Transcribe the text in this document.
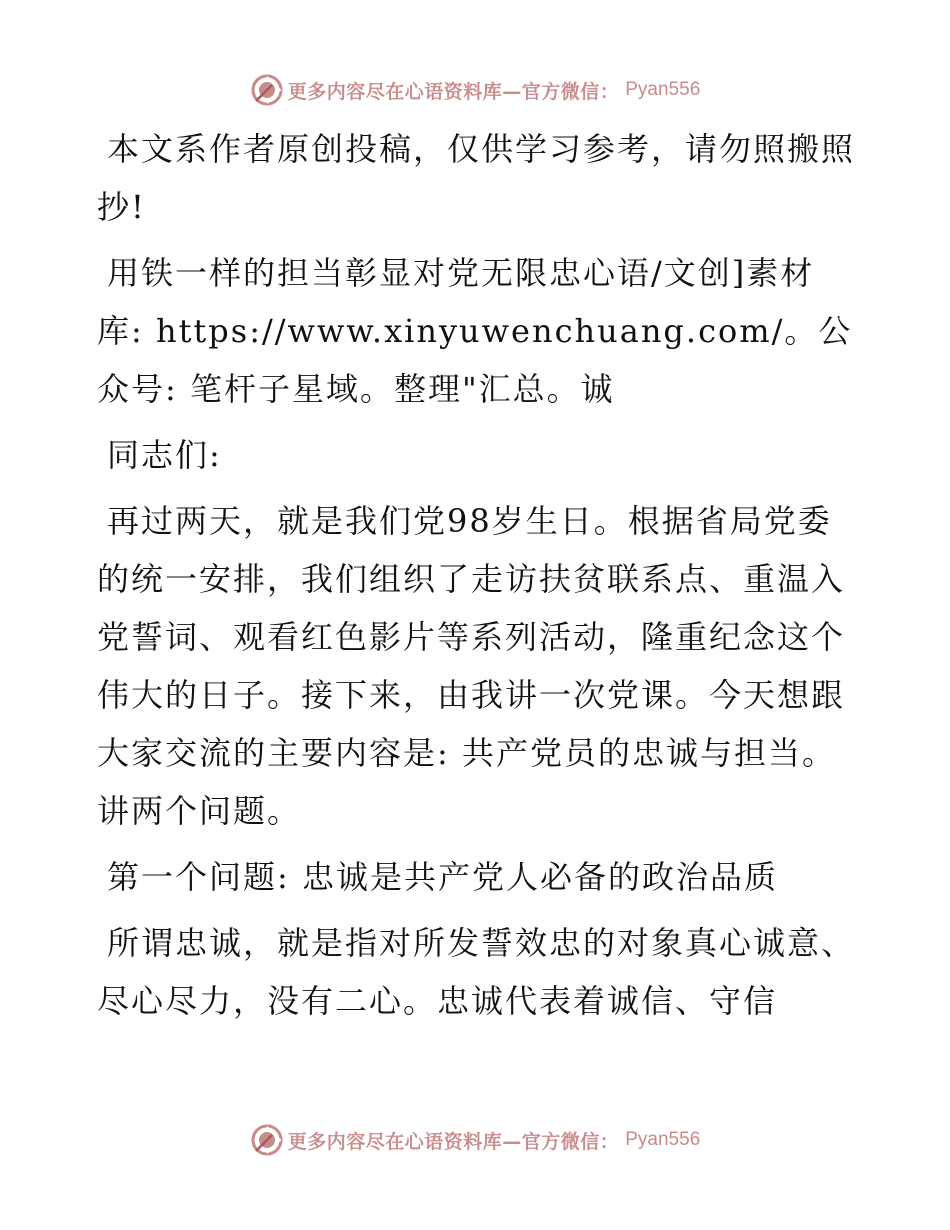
更多内容尽在心语资料库—官方微信： Pyan556

本文系作者原创投稿，仅供学习参考，请勿照搬照抄!

用铁一样的担当彰显对党无限忠心语/文创]素材库: https://www.xinyuwenchuang.com/。公众号: 笔杆子星域。整理"汇总。诚

同志们:

再过两天，就是我们党98岁生日。根据省局党委的统一安排，我们组织了走访扶贫联系点、重温入党誓词、观看红色影片等系列活动，隆重纪念这个伟大的日子。接下来，由我讲一次党课。今天想跟大家交流的主要内容是: 共产党员的忠诚与担当。讲两个问题。

第一个问题: 忠诚是共产党人必备的政治品质

所谓忠诚，就是指对所发誓效忠的对象真心诚意、尽心尽力，没有二心。忠诚代表着诚信、守信

更多内容尽在心语资料库—官方微信： Pyan556
